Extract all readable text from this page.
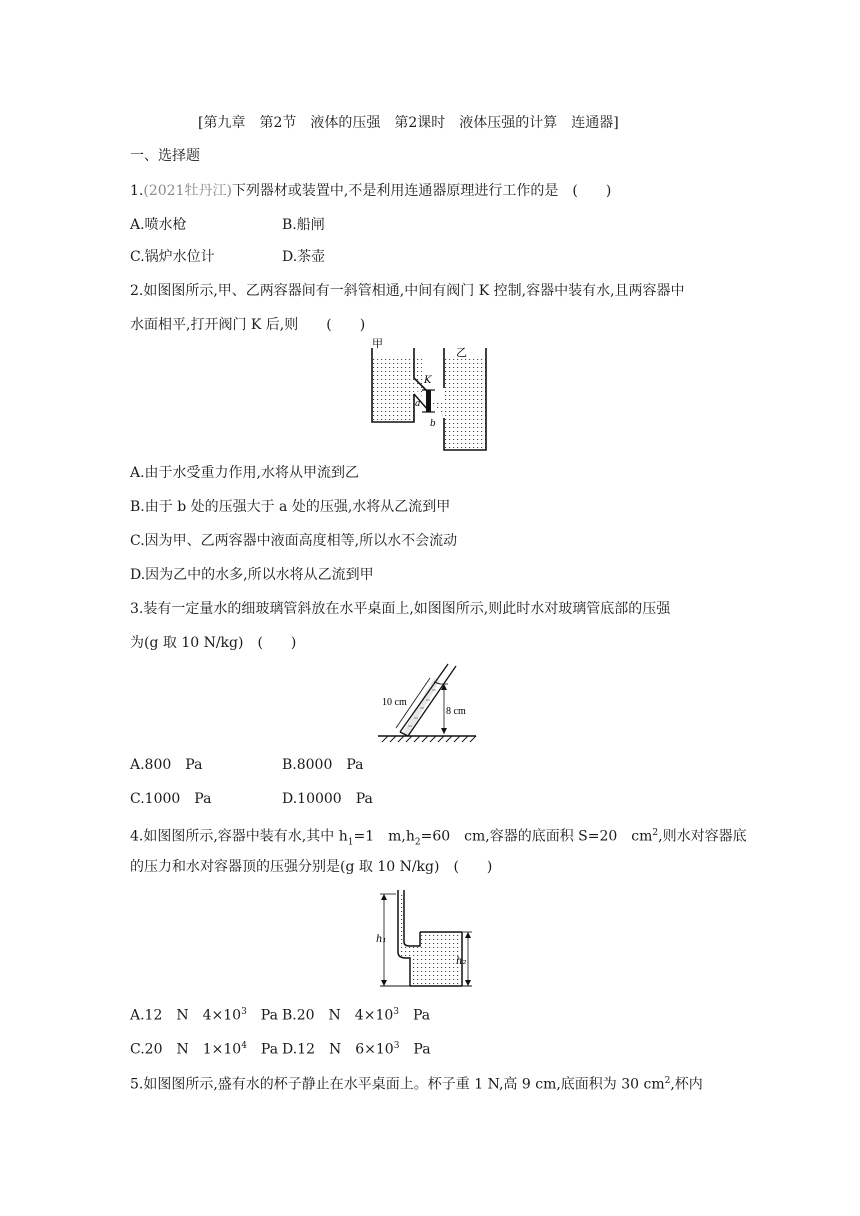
[第九章　第2节　液体的压强　第2课时　液体压强的计算　连通器]
一、选择题
1.(2021牡丹江)下列器材或装置中,不是利用连通器原理进行工作的是　(　　)
A.喷水枪	B.船闸
C.锅炉水位计	D.茶壶
2.如图图所示,甲、乙两容器间有一斜管相通,中间有阀门 K 控制,容器中装有水,且两容器中
水面相平,打开阀门 K 后,则　　(　　)
甲
乙
K
a
b
A.由于水受重力作用,水将从甲流到乙
B.由于 b 处的压强大于 a 处的压强,水将从乙流到甲
C.因为甲、乙两容器中液面高度相等,所以水不会流动
D.因为乙中的水多,所以水将从乙流到甲
3.装有一定量水的细玻璃管斜放在水平桌面上,如图图所示,则此时水对玻璃管底部的压强
为(g 取 10 N/kg)　(　　)
10 cm
8 cm
A.800　Pa	B.8000　Pa
C.1000　Pa	D.10000　Pa
4.如图图所示,容器中装有水,其中 $h_1=1$　$m,h_2=60$　cm,容器的底面积 S=20　$cm^2$,则水对容器底
的压力和水对容器顶的压强分别是(g 取 10 N/kg)　(　　)
h₁
h₂
A.12　N　$4\times 10^3$　Pa B.20　N　$4\times 10^3$　Pa
C.20　N　$1\times 10^4$　Pa D.12　N　$6\times 10^3$　Pa
5.如图图所示,盛有水的杯子静止在水平桌面上。杯子重 1 N,高 9 cm,底面积为 30 $cm^2$,杯内
